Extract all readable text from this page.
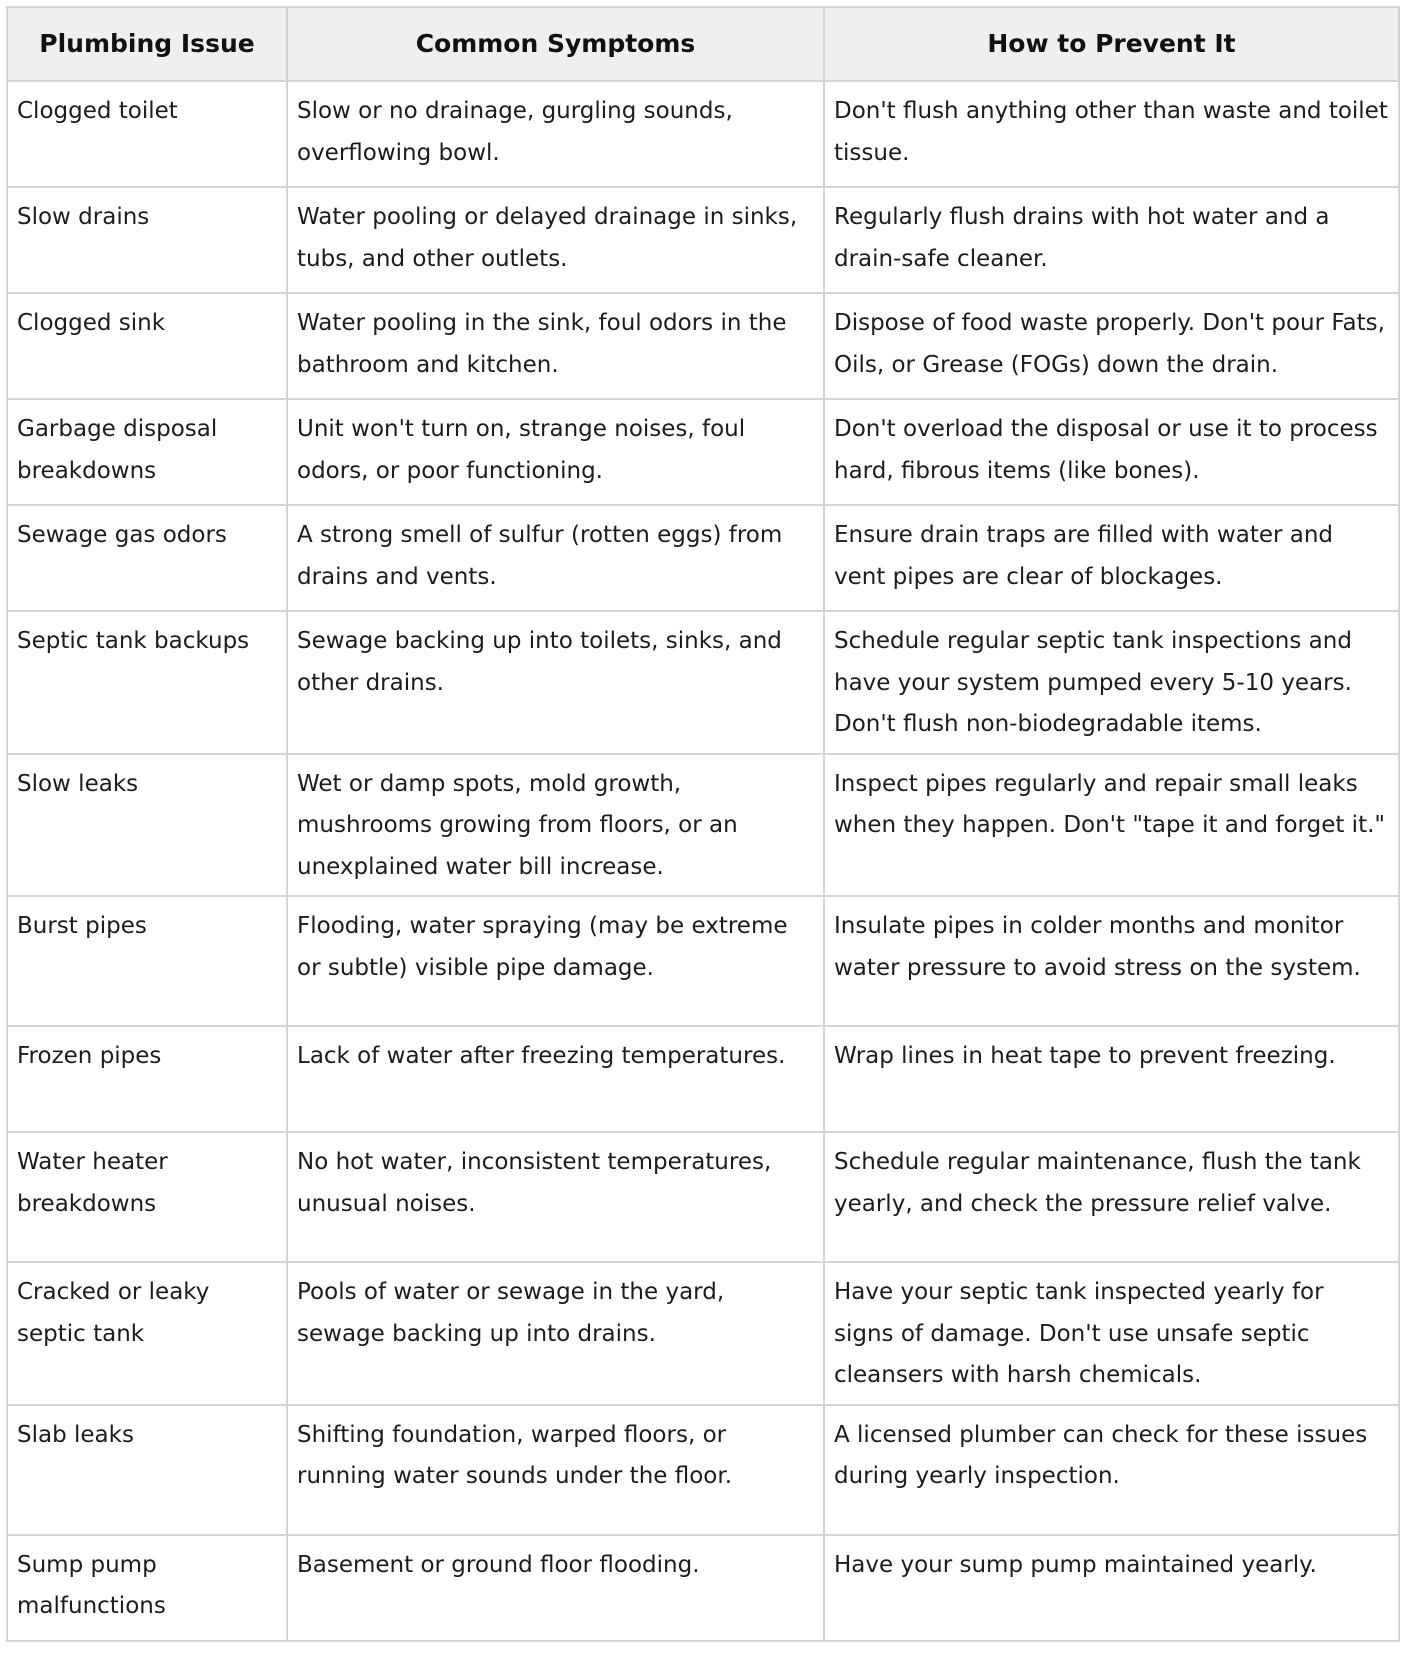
Plumbing Issue	Common Symptoms	How to Prevent It
Clogged toilet	Slow or no drainage, gurgling sounds, overflowing bowl.	Don't flush anything other than waste and toilet tissue.
Slow drains	Water pooling or delayed drainage in sinks, tubs, and other outlets.	Regularly flush drains with hot water and a drain-safe cleaner.
Clogged sink	Water pooling in the sink, foul odors in the bathroom and kitchen.	Dispose of food waste properly. Don't pour Fats, Oils, or Grease (FOGs) down the drain.
Garbage disposal breakdowns	Unit won't turn on, strange noises, foul odors, or poor functioning.	Don't overload the disposal or use it to process hard, fibrous items (like bones).
Sewage gas odors	A strong smell of sulfur (rotten eggs) from drains and vents.	Ensure drain traps are filled with water and vent pipes are clear of blockages.
Septic tank backups	Sewage backing up into toilets, sinks, and other drains.	Schedule regular septic tank inspections and have your system pumped every 5-10 years. Don't flush non-biodegradable items.
Slow leaks	Wet or damp spots, mold growth, mushrooms growing from floors, or an unexplained water bill increase.	Inspect pipes regularly and repair small leaks when they happen. Don't "tape it and forget it."
Burst pipes	Flooding, water spraying (may be extreme or subtle) visible pipe damage.	Insulate pipes in colder months and monitor water pressure to avoid stress on the system.
Frozen pipes	Lack of water after freezing temperatures.	Wrap lines in heat tape to prevent freezing.
Water heater breakdowns	No hot water, inconsistent temperatures, unusual noises.	Schedule regular maintenance, flush the tank yearly, and check the pressure relief valve.
Cracked or leaky septic tank	Pools of water or sewage in the yard, sewage backing up into drains.	Have your septic tank inspected yearly for signs of damage. Don't use unsafe septic cleansers with harsh chemicals.
Slab leaks	Shifting foundation, warped floors, or running water sounds under the floor.	A licensed plumber can check for these issues during yearly inspection.
Sump pump malfunctions	Basement or ground floor flooding.	Have your sump pump maintained yearly.
